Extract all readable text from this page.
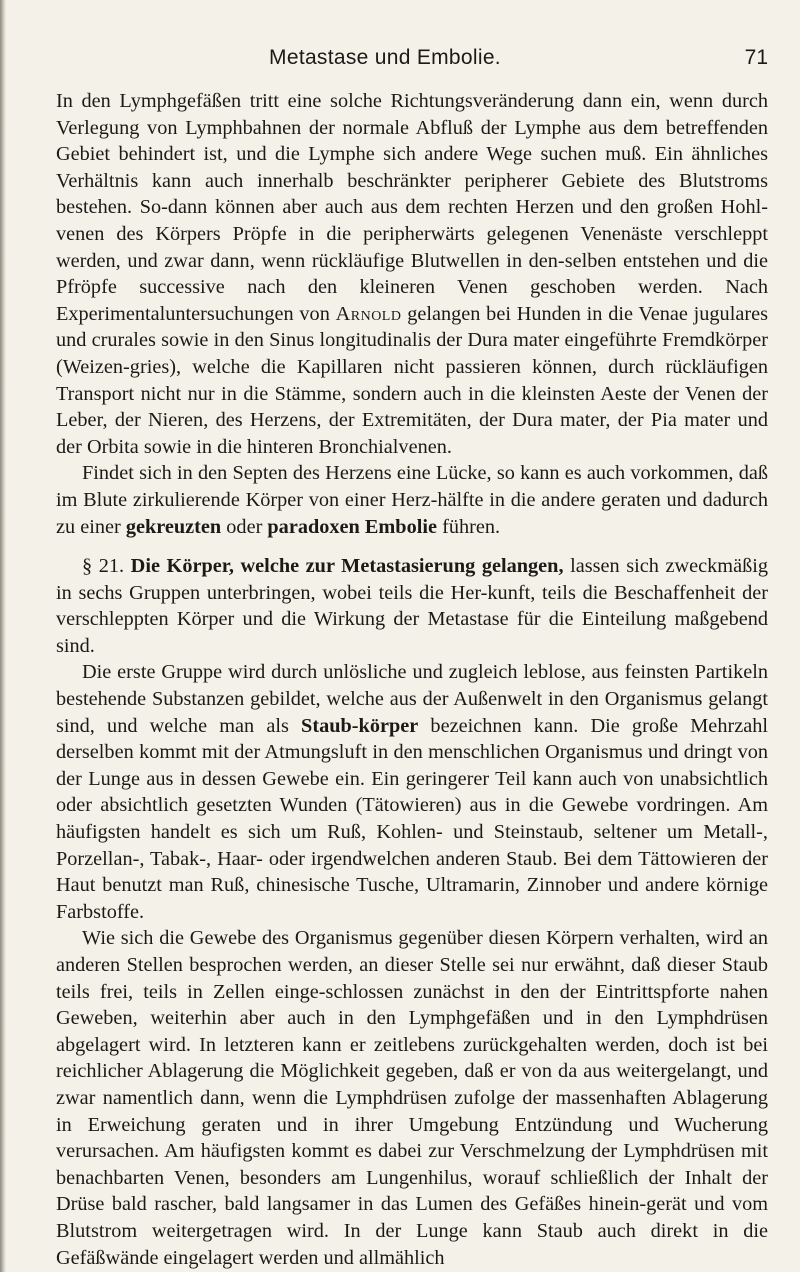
Metastase und Embolie.	71

In den Lymphgefäßen tritt eine solche Richtungsveränderung dann ein, wenn durch Verlegung von Lymphbahnen der normale Abfluß der Lymphe aus dem betreffenden Gebiet behindert ist, und die Lymphe sich andere Wege suchen muß. Ein ähnliches Verhältnis kann auch innerhalb beschränkter peripherer Gebiete des Blutstroms bestehen. So-dann können aber auch aus dem rechten Herzen und den großen Hohl-venen des Körpers Pröpfe in die peripherwärts gelegenen Venenäste verschleppt werden, und zwar dann, wenn rückläufige Blutwellen in den-selben entstehen und die Pfröpfe successive nach den kleineren Venen geschoben werden. Nach Experimentaluntersuchungen von Arnold gelangen bei Hunden in die Venae jugulares und crurales sowie in den Sinus longitudinalis der Dura mater eingeführte Fremdkörper (Weizen-gries), welche die Kapillaren nicht passieren können, durch rückläufigen Transport nicht nur in die Stämme, sondern auch in die kleinsten Aeste der Venen der Leber, der Nieren, des Herzens, der Extremitäten, der Dura mater, der Pia mater und der Orbita sowie in die hinteren Bronchialvenen.

Findet sich in den Septen des Herzens eine Lücke, so kann es auch vorkommen, daß im Blute zirkulierende Körper von einer Herz-hälfte in die andere geraten und dadurch zu einer gekreuzten oder paradoxen Embolie führen.

§ 21. Die Körper, welche zur Metastasierung gelangen, lassen sich zweckmäßig in sechs Gruppen unterbringen, wobei teils die Her-kunft, teils die Beschaffenheit der verschleppten Körper und die Wirkung der Metastase für die Einteilung maßgebend sind.

Die erste Gruppe wird durch unlösliche und zugleich leblose, aus feinsten Partikeln bestehende Substanzen gebildet, welche aus der Außenwelt in den Organismus gelangt sind, und welche man als Staub-körper bezeichnen kann. Die große Mehrzahl derselben kommt mit der Atmungsluft in den menschlichen Organismus und dringt von der Lunge aus in dessen Gewebe ein. Ein geringerer Teil kann auch von unabsichtlich oder absichtlich gesetzten Wunden (Tätowieren) aus in die Gewebe vordringen. Am häufigsten handelt es sich um Ruß, Kohlen- und Steinstaub, seltener um Metall-, Porzellan-, Tabak-, Haar- oder irgendwelchen anderen Staub. Bei dem Tättowieren der Haut benutzt man Ruß, chinesische Tusche, Ultramarin, Zinnober und andere körnige Farbstoffe.

Wie sich die Gewebe des Organismus gegenüber diesen Körpern verhalten, wird an anderen Stellen besprochen werden, an dieser Stelle sei nur erwähnt, daß dieser Staub teils frei, teils in Zellen einge-schlossen zunächst in den der Eintrittspforte nahen Geweben, weiterhin aber auch in den Lymphgefäßen und in den Lymphdrüsen abgelagert wird. In letzteren kann er zeitlebens zurückgehalten werden, doch ist bei reichlicher Ablagerung die Möglichkeit gegeben, daß er von da aus weitergelangt, und zwar namentlich dann, wenn die Lymphdrüsen zufolge der massenhaften Ablagerung in Erweichung geraten und in ihrer Umgebung Entzündung und Wucherung verursachen. Am häufigsten kommt es dabei zur Verschmelzung der Lymphdrüsen mit benachbarten Venen, besonders am Lungenhilus, worauf schließlich der Inhalt der Drüse bald rascher, bald langsamer in das Lumen des Gefäßes hinein-gerät und vom Blutstrom weitergetragen wird. In der Lunge kann Staub auch direkt in die Gefäßwände eingelagert werden und allmählich
